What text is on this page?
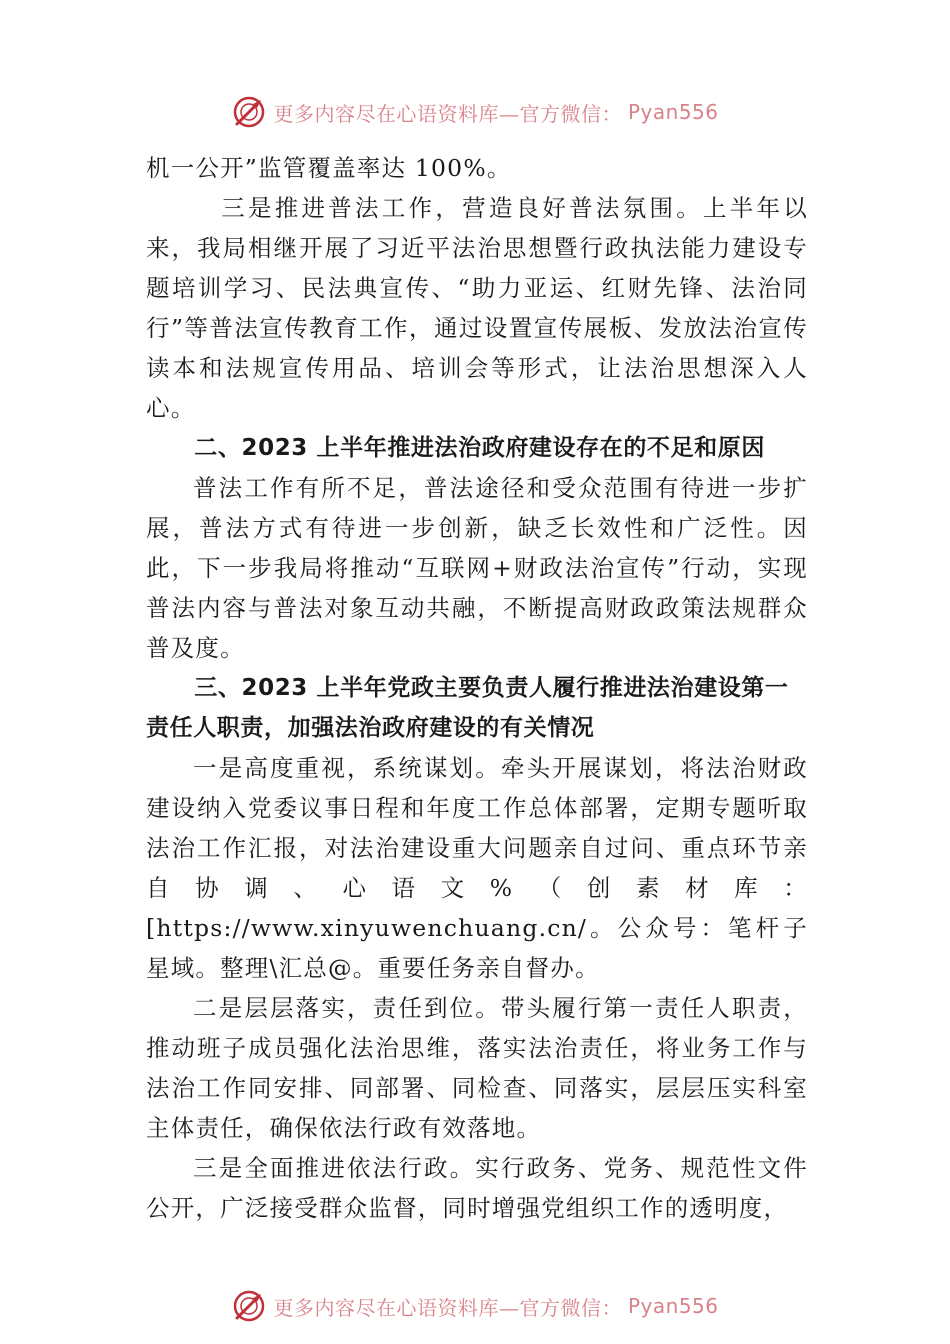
更多内容尽在心语资料库—官方微信： Pyan556

机一公开”监管覆盖率达 100%。

三是推进普法工作，营造良好普法氛围。上半年以来，我局相继开展了习近平法治思想暨行政执法能力建设专题培训学习、民法典宣传、“助力亚运、红财先锋、法治同行”等普法宣传教育工作，通过设置宣传展板、发放法治宣传读本和法规宣传用品、培训会等形式，让法治思想深入人心。

二、2023 上半年推进法治政府建设存在的不足和原因

普法工作有所不足，普法途径和受众范围有待进一步扩展，普法方式有待进一步创新，缺乏长效性和广泛性。因此，下一步我局将推动“互联网+财政法治宣传”行动，实现普法内容与普法对象互动共融，不断提高财政政策法规群众普及度。

三、2023 上半年党政主要负责人履行推进法治建设第一责任人职责，加强法治政府建设的有关情况

一是高度重视，系统谋划。牵头开展谋划，将法治财政建设纳入党委议事日程和年度工作总体部署，定期专题听取法治工作汇报，对法治建设重大问题亲自过问、重点环节亲自协调、心语文%（创素材库：[https://www.xinyuwenchuang.cn/。公众号：笔杆子星域。整理\汇总@。重要任务亲自督办。

二是层层落实，责任到位。带头履行第一责任人职责，推动班子成员强化法治思维，落实法治责任，将业务工作与法治工作同安排、同部署、同检查、同落实，层层压实科室主体责任，确保依法行政有效落地。

三是全面推进依法行政。实行政务、党务、规范性文件公开，广泛接受群众监督，同时增强党组织工作的透明度，

更多内容尽在心语资料库—官方微信： Pyan556
